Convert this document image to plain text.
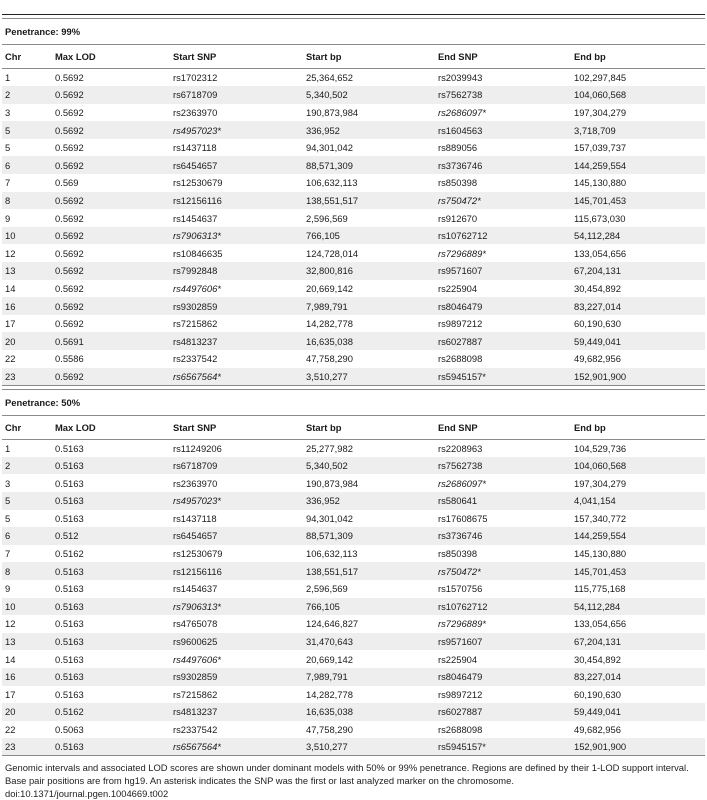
Penetrance: 99%
Chr	Max LOD	Start SNP	Start bp	End SNP	End bp
1	0.5692	rs1702312	25,364,652	rs2039943	102,297,845
2	0.5692	rs6718709	5,340,502	rs7562738	104,060,568
3	0.5692	rs2363970	190,873,984	rs2686097*	197,304,279
5	0.5692	rs4957023*	336,952	rs1604563	3,718,709
5	0.5692	rs1437118	94,301,042	rs889056	157,039,737
6	0.5692	rs6454657	88,571,309	rs3736746	144,259,554
7	0.569	rs12530679	106,632,113	rs850398	145,130,880
8	0.5692	rs12156116	138,551,517	rs750472*	145,701,453
9	0.5692	rs1454637	2,596,569	rs912670	115,673,030
10	0.5692	rs7906313*	766,105	rs10762712	54,112,284
12	0.5692	rs10846635	124,728,014	rs7296889*	133,054,656
13	0.5692	rs7992848	32,800,816	rs9571607	67,204,131
14	0.5692	rs4497606*	20,669,142	rs225904	30,454,892
16	0.5692	rs9302859	7,989,791	rs8046479	83,227,014
17	0.5692	rs7215862	14,282,778	rs9897212	60,190,630
20	0.5691	rs4813237	16,635,038	rs6027887	59,449,041
22	0.5586	rs2337542	47,758,290	rs2688098	49,682,956
23	0.5692	rs6567564*	3,510,277	rs5945157*	152,901,900
Penetrance: 50%
Chr	Max LOD	Start SNP	Start bp	End SNP	End bp
1	0.5163	rs11249206	25,277,982	rs2208963	104,529,736
2	0.5163	rs6718709	5,340,502	rs7562738	104,060,568
3	0.5163	rs2363970	190,873,984	rs2686097*	197,304,279
5	0.5163	rs4957023*	336,952	rs580641	4,041,154
5	0.5163	rs1437118	94,301,042	rs17608675	157,340,772
6	0.512	rs6454657	88,571,309	rs3736746	144,259,554
7	0.5162	rs12530679	106,632,113	rs850398	145,130,880
8	0.5163	rs12156116	138,551,517	rs750472*	145,701,453
9	0.5163	rs1454637	2,596,569	rs1570756	115,775,168
10	0.5163	rs7906313*	766,105	rs10762712	54,112,284
12	0.5163	rs4765078	124,646,827	rs7296889*	133,054,656
13	0.5163	rs9600625	31,470,643	rs9571607	67,204,131
14	0.5163	rs4497606*	20,669,142	rs225904	30,454,892
16	0.5163	rs9302859	7,989,791	rs8046479	83,227,014
17	0.5163	rs7215862	14,282,778	rs9897212	60,190,630
20	0.5162	rs4813237	16,635,038	rs6027887	59,449,041
22	0.5063	rs2337542	47,758,290	rs2688098	49,682,956
23	0.5163	rs6567564*	3,510,277	rs5945157*	152,901,900
Genomic intervals and associated LOD scores are shown under dominant models with 50% or 99% penetrance. Regions are defined by their 1-LOD support interval. Base pair positions are from hg19. An asterisk indicates the SNP was the first or last analyzed marker on the chromosome.
doi:10.1371/journal.pgen.1004669.t002
